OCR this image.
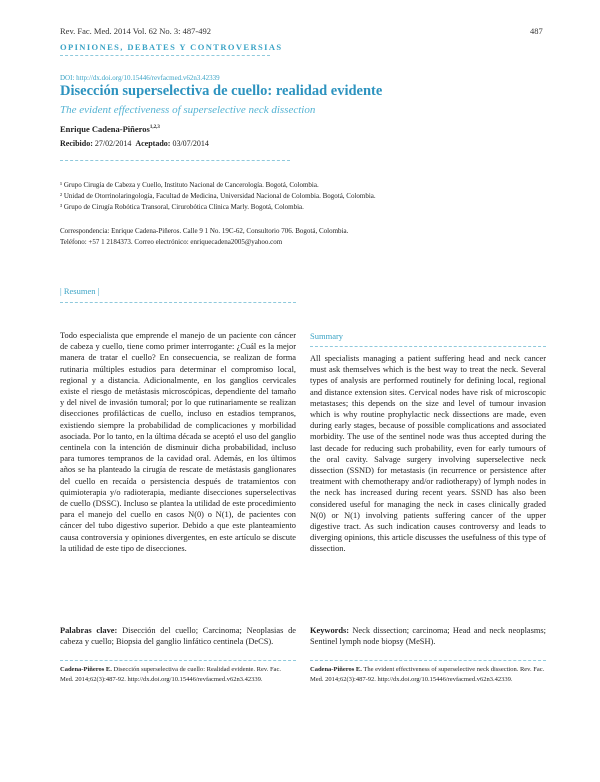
Rev. Fac. Med. 2014 Vol. 62 No. 3: 487-492	487
OPINIONES, DEBATES Y CONTROVERSIAS
DOI: http://dx.doi.org/10.15446/revfacmed.v62n3.42339
Disección superselectiva de cuello: realidad evidente
The evident effectiveness of superselective neck dissection
Enrique Cadena-Piñeros$^{1,2,3}$
Recibido: 27/02/2014 Aceptado: 03/07/2014
¹ Grupo Cirugía de Cabeza y Cuello, Instituto Nacional de Cancerología. Bogotá, Colombia.
² Unidad de Otorrinolaringología, Facultad de Medicina, Universidad Nacional de Colombia. Bogotá, Colombia.
³ Grupo de Cirugía Robótica Transoral, Cirurobótica Clínica Marly. Bogotá, Colombia.
Correspondencia: Enrique Cadena-Piñeros. Calle 9 1 No. 19C-62, Consultorio 706. Bogotá, Colombia.
Teléfono: +57 1 2184373. Correo electrónico: enriquecadena2005@yahoo.com
| Resumen |
Summary
Todo especialista que emprende el manejo de un paciente con cáncer de cabeza y cuello, tiene como primer interrogante: ¿Cuál es la mejor manera de tratar el cuello? En consecuencia, se realizan de forma rutinaria múltiples estudios para determinar el compromiso local, regional y a distancia. Adicionalmente, en los ganglios cervicales existe el riesgo de metástasis microscópicas, dependiente del tamaño y del nivel de invasión tumoral; por lo que rutinariamente se realizan disecciones profilácticas de cuello, incluso en estadios tempranos, existiendo siempre la probabilidad de complicaciones y morbilidad asociada. Por lo tanto, en la última década se aceptó el uso del ganglio centinela con la intención de disminuir dicha probabilidad, incluso para tumores tempranos de la cavidad oral. Además, en los últimos años se ha planteado la cirugía de rescate de metástasis ganglionares del cuello en recaída o persistencia después de tratamientos con quimioterapia y/o radioterapia, mediante disecciones superselectivas de cuello (DSSC). Incluso se plantea la utilidad de este procedimiento para el manejo del cuello en casos N(0) o N(1), de pacientes con cáncer del tubo digestivo superior. Debido a que este planteamiento causa controversia y opiniones divergentes, en este artículo se discute la utilidad de este tipo de disecciones.
All specialists managing a patient suffering head and neck cancer must ask themselves which is the best way to treat the neck. Several types of analysis are performed routinely for defining local, regional and distance extension sites. Cervical nodes have risk of microscopic metastases; this depends on the size and level of tumour invasion which is why routine prophylactic neck dissections are made, even during early stages, because of possible complications and associated morbidity. The use of the sentinel node was thus accepted during the last decade for reducing such probability, even for early tumours of the oral cavity. Salvage surgery involving superselective neck dissection (SSND) for metastasis (in recurrence or persistence after treatment with chemotherapy and/or radiotherapy) of lymph nodes in the neck has increased during recent years. SSND has also been considered useful for managing the neck in cases clinically graded N(0) or N(1) involving patients suffering cancer of the upper digestive tract. As such indication causes controversy and leads to diverging opinions, this article discusses the usefulness of this type of dissection.
Palabras clave: Disección del cuello; Carcinoma; Neoplasias de cabeza y cuello; Biopsia del ganglio linfático centinela (DeCS).
Keywords: Neck dissection; carcinoma; Head and neck neoplasms; Sentinel lymph node biopsy (MeSH).
Cadena-Piñeros E. Disección superselectiva de cuello: Realidad evidente. Rev. Fac. Med. 2014;62(3):487-92. http://dx.doi.org/10.15446/revfacmed.v62n3.42339.
Cadena-Piñeros E. The evident effectiveness of superselective neck dissection. Rev. Fac. Med. 2014;62(3):487-92. http://dx.doi.org/10.15446/revfacmed.v62n3.42339.
